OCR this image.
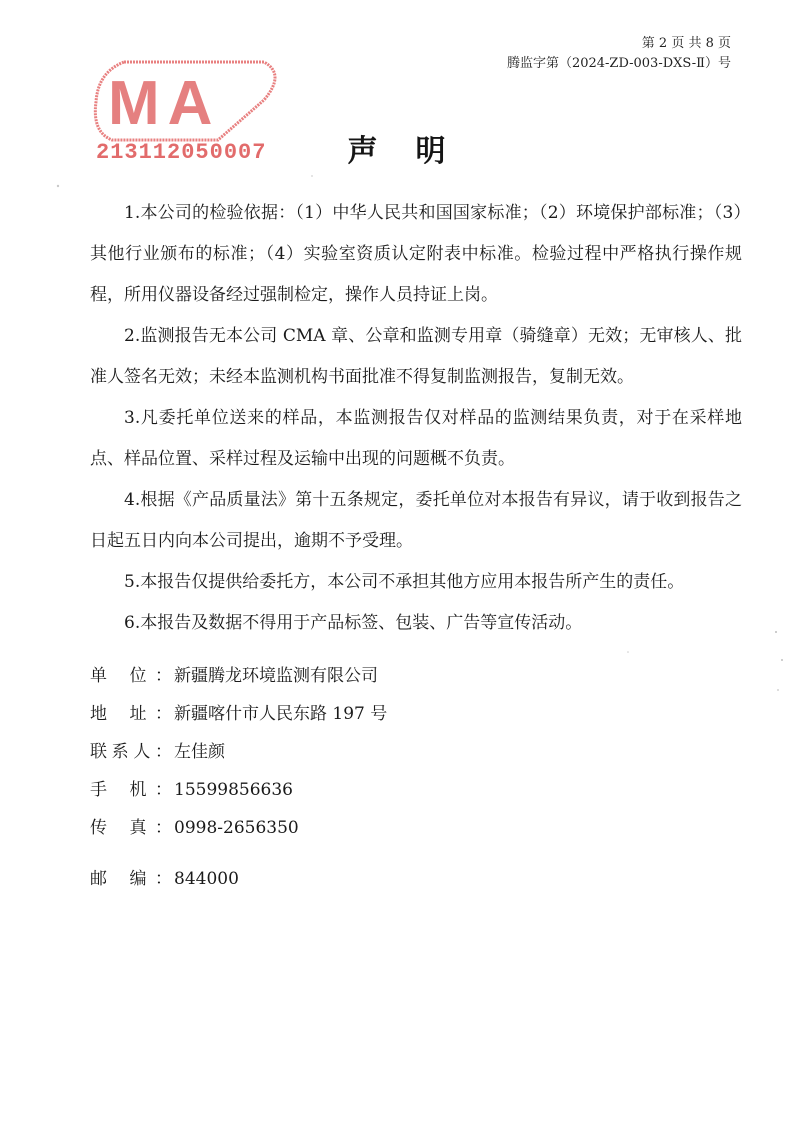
第 2 页 共 8 页
腾监字第（2024-ZD-003-DXS-Ⅱ）号
MA
213112050007	声明

1.本公司的检验依据：（1）中华人民共和国国家标准；（2）环境保护部标准；（3）其他行业颁布的标准；（4）实验室资质认定附表中标准。检验过程中严格执行操作规程，所用仪器设备经过强制检定，操作人员持证上岗。

2.监测报告无本公司 CMA 章、公章和监测专用章（骑缝章）无效；无审核人、批准人签名无效；未经本监测机构书面批准不得复制监测报告，复制无效。

3.凡委托单位送来的样品，本监测报告仅对样品的监测结果负责，对于在采样地点、样品位置、采样过程及运输中出现的问题概不负责。

4.根据《产品质量法》第十五条规定，委托单位对本报告有异议，请于收到报告之日起五日内向本公司提出，逾期不予受理。

5.本报告仅提供给委托方，本公司不承担其他方应用本报告所产生的责任。

6.本报告及数据不得用于产品标签、包装、广告等宣传活动。

单 位： 新疆腾龙环境监测有限公司
地 址： 新疆喀什市人民东路 197 号
联系人： 左佳颜
手 机： 15599856636
传 真： 0998-2656350
邮 编： 844000
